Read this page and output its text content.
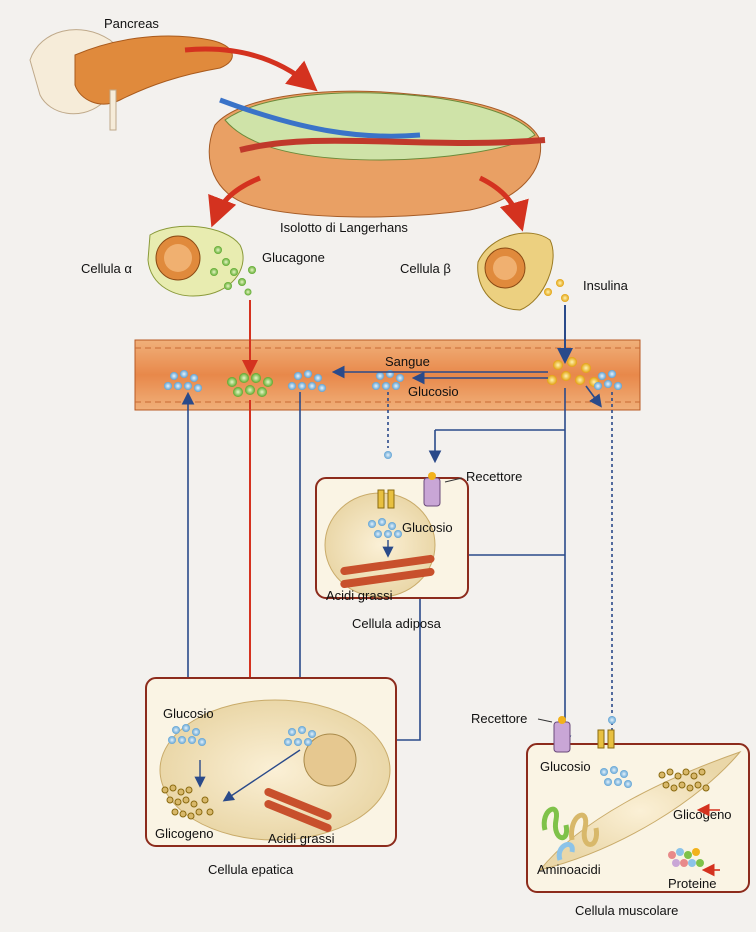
Pancreas
Isolotto di Langerhans
Cellula α
Glucagone
Cellula β
Insulina
Sangue
Glucosio
Recettore
Glucosio
Acidi grassi
Cellula adiposa
Glucosio
Glicogeno	Acidi grassi
Cellula epatica
Recettore
Glucosio
Glicogeno
Aminoacidi
Proteine
Cellula muscolare
